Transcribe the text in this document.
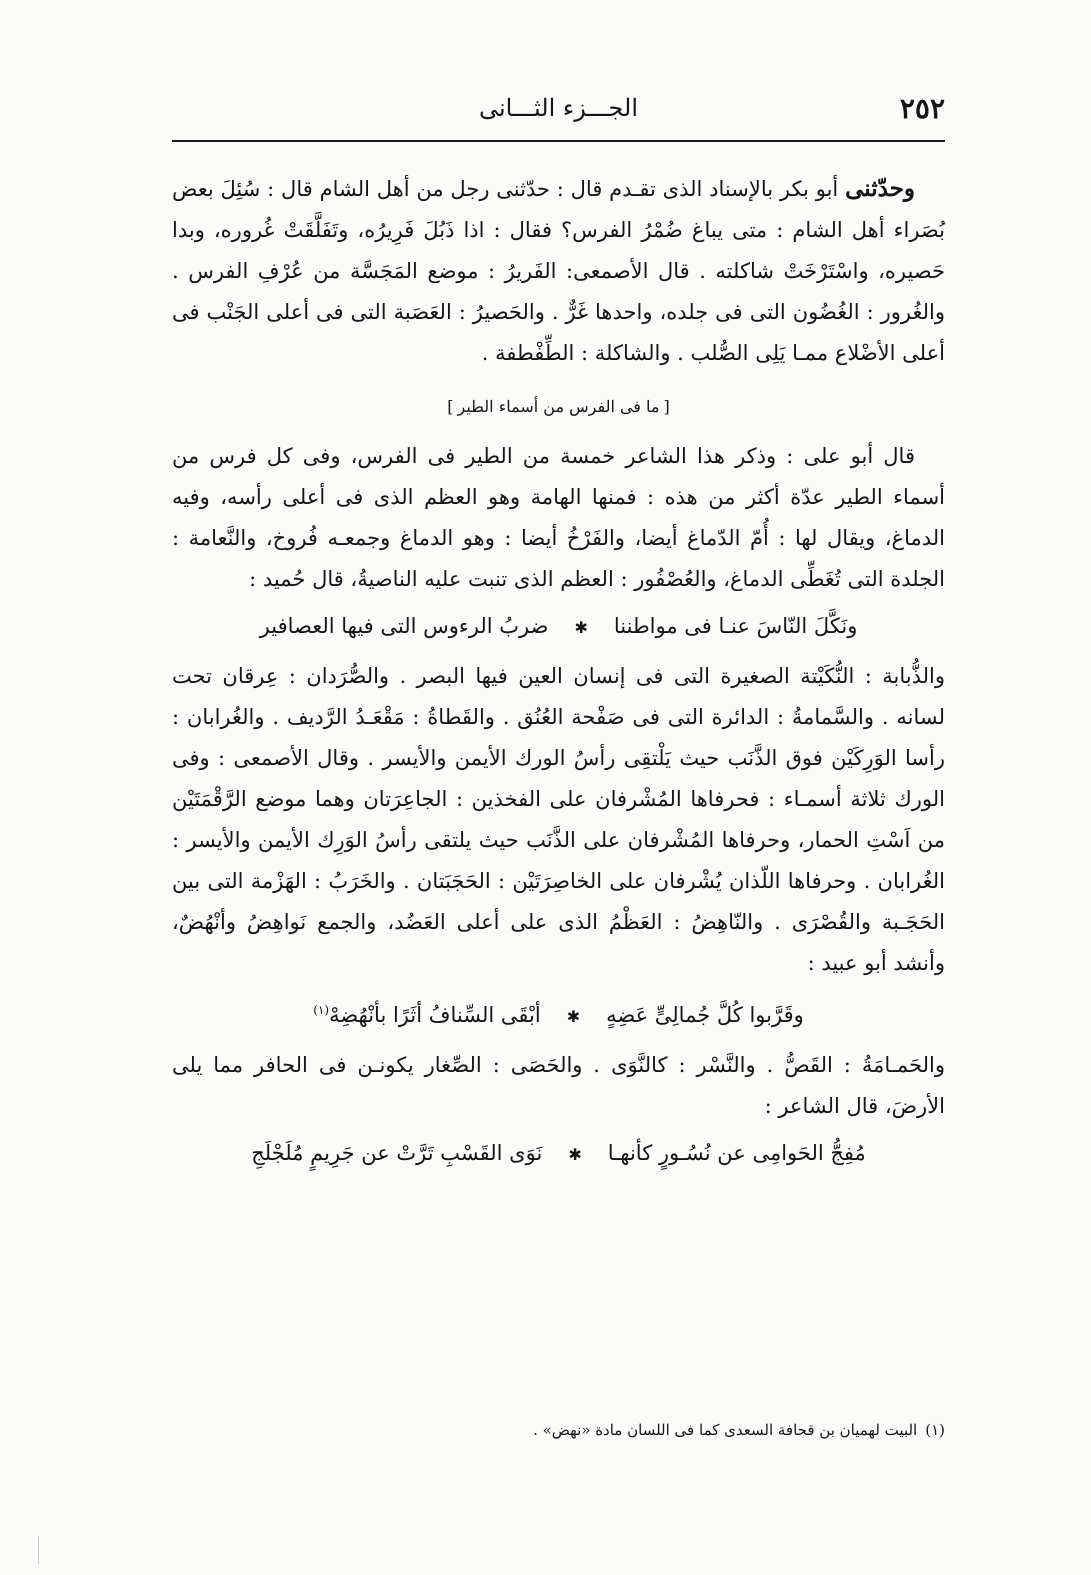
٢٥٢
الجـــزء الثـــانى

وحدّثنى أبو بكر بالإسناد الذى تقـدم قال : حدّثنى رجل من أهل الشام قال : سُئِلَ بعض بُصَراء أهل الشام : متى يباغ ضُمْرُ الفرس؟ فقال : اذا ذَبُلَ فَرِيرُه، وتَفَلَّقَتْ غُروره، وبدا حَصيره، واسْتَرْخَتْ شاكلته . قال الأصمعى: الفَريرُ : موضع المَجَسَّة من عُرْفِ الفرس . والغُرور : الغُضُون التى فى جلده، واحدها غَرٌّ . والحَصيرُ : العَصَبة التى فى أعلى الجَنْب فى أعلى الأضْلاع ممـا يَلِى الصُّلب . والشاكلة : الطِّفْطفة .

[ما فى الفرس من أسماء الطير]

قال أبو على : وذكر هذا الشاعر خمسة من الطير فى الفرس، وفى كل فرس من أسماء الطير عدّة أكثر من هذه : فمنها الهامة وهو العظم الذى فى أعلى رأسه، وفيه الدماغ، ويقال لها : أُمّ الدّماغ أيضا، والفَرْخُ أيضا : وهو الدماغ وجمعـه فُروخ، والنَّعامة : الجلدة التى تُغَطِّى الدماغ، والعُصْفُور : العظم الذى تنبت عليه الناصيةُ، قال حُميد :

ونَكَّلَ النّاسَ عنـا فى مواطننا✱ضربُ الرءوس التى فيها العصافير

والذُّبابة : النُّكَيْتة الصغيرة التى فى إنسان العين فيها البصر . والصُّرَدان : عِرقان تحت لسانه . والسَّمامةُ : الدائرة التى فى صَفْحة العُنُق . والقَطاةُ : مَقْعَـدُ الرَّديف . والغُرابان : رأسا الوَرِكَيْن فوق الذَّنَب حيث يَلْتقِى رأسُ الورك الأيمن والأيسر . وقال الأصمعى : وفى الورك ثلاثة أسمـاء : فحرفاها المُشْرفان على الفخذين : الجاعِرَتان وهما موضع الرَّقْمَتَيْن من اَسْتِ الحمار، وحرفاها المُشْرفان على الذَّنَب حيث يلتقى رأسُ الوَرِك الأيمن والأيسر : الغُرابان . وحرفاها اللّذان يُشْرفان على الخاصِرَتَيْن : الحَجَبَتان . والخَرَبُ : الهَزْمة التى بين الحَجَـبة والقُصْرَى . والنّاهِضُ : العَظْمُ الذى على أعلى العَضُد، والجمع نَواهِضُ وأنْهُضٌ، وأنشد أبو عبيد :

وقَرَّبوا كُلَّ جُمالِىٍّ عَضِهٍ✱أبْقَى السِّنافُ أثَرًا بأنْهُضِهْ$^{(١)}$

والحَمـامَةُ : القَصُّ . والنَّسْر : كالنَّوَى . والحَصَى : الصِّغار يكونـن فى الحافر مما يلى الأرضَ، قال الشاعر :

مُفِجُّ الحَوامِى عن نُسُـورٍ كأنهـا✱نَوَى القَسْبِ تَرَّتْ عن جَرِيمٍ مُلَجْلَجِ
(١)البيت لهميان بن قحافة السعدى كما فى اللسان مادة «نهض» .
